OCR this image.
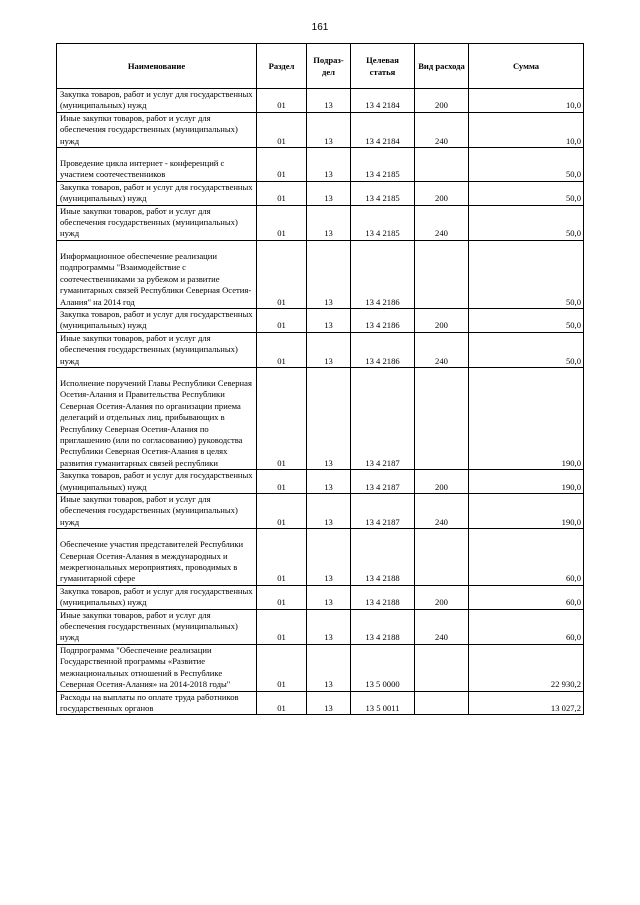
161
Наименование	Раздел	Подраз-дел	Целевая статья	Вид расхода	Сумма
Закупка товаров, работ и услуг для государственных (муниципальных) нужд	01	13	13 4 2184	200	10,0
Иные закупки товаров, работ и услуг для обеспечения государственных (муниципальных) нужд	01	13	13 4 2184	240	10,0
Проведение цикла интернет - конференций с участием соотечественников	01	13	13 4 2185		50,0
Закупка товаров, работ и услуг для государственных (муниципальных) нужд	01	13	13 4 2185	200	50,0
Иные закупки товаров, работ и услуг для обеспечения государственных (муниципальных) нужд	01	13	13 4 2185	240	50,0
Информационное обеспечение реализации подпрограммы "Взаимодействие с соотечественниками за рубежом и развитие гуманитарных связей Республики Северная Осетия-Алания" на 2014 год	01	13	13 4 2186		50,0
Закупка товаров, работ и услуг для государственных (муниципальных) нужд	01	13	13 4 2186	200	50,0
Иные закупки товаров, работ и услуг для обеспечения государственных (муниципальных) нужд	01	13	13 4 2186	240	50,0
Исполнение поручений Главы Республики Северная Осетия-Алания и Правительства Республики Северная Осетия-Алания по организации приема делегаций и отдельных лиц, прибывающих в Республику Северная Осетия-Алания по приглашению (или по согласованию) руководства Республики Северная Осетия-Алания в целях развития гуманитарных связей республики	01	13	13 4 2187		190,0
Закупка товаров, работ и услуг для государственных (муниципальных) нужд	01	13	13 4 2187	200	190,0
Иные закупки товаров, работ и услуг для обеспечения государственных (муниципальных) нужд	01	13	13 4 2187	240	190,0
Обеспечение участия представителей Республики Северная Осетия-Алания в международных и межрегиональных мероприятиях, проводимых в гуманитарной сфере	01	13	13 4 2188		60,0
Закупка товаров, работ и услуг для государственных (муниципальных) нужд	01	13	13 4 2188	200	60,0
Иные закупки товаров, работ и услуг для обеспечения государственных (муниципальных) нужд	01	13	13 4 2188	240	60,0
Подпрограмма "Обеспечение реализации Государственной программы «Развитие межнациональных отношений в Республике Северная Осетия-Алания» на 2014-2018 годы"	01	13	13 5 0000		22 930,2
Расходы на выплаты по оплате труда работников государственных органов	01	13	13 5 0011		13 027,2
